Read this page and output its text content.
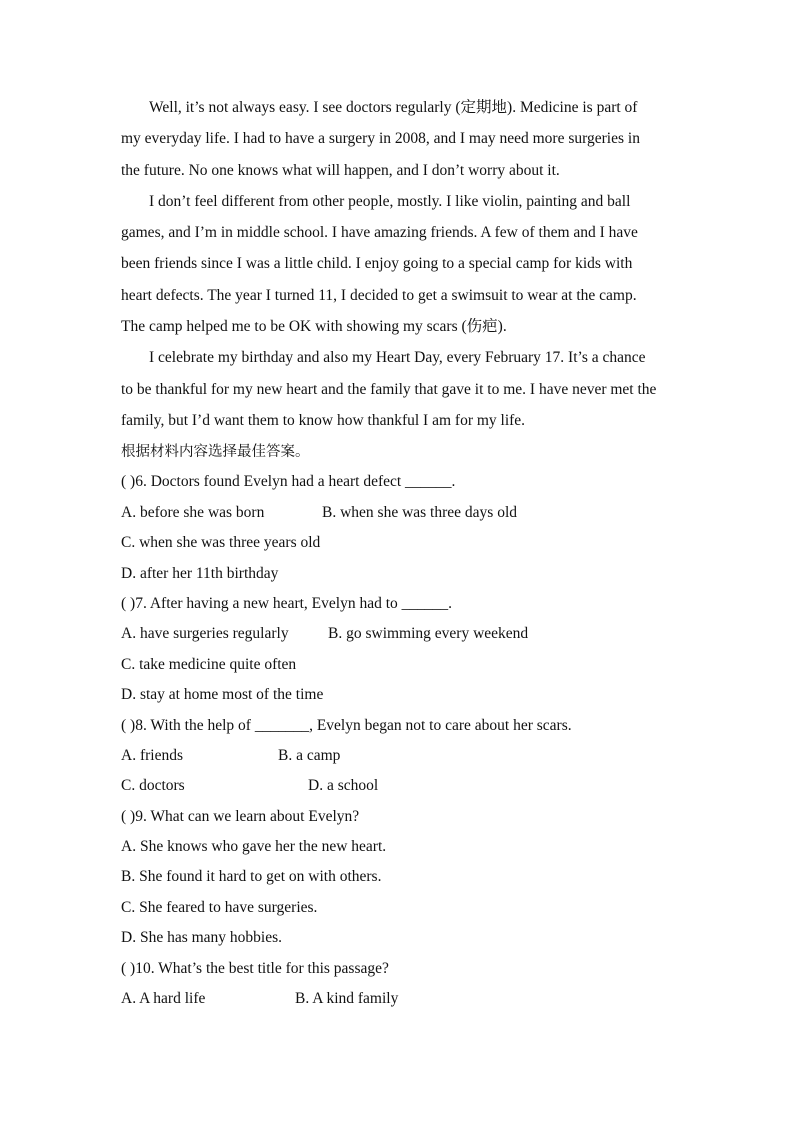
Well, it’s not always easy. I see doctors regularly (定期地). Medicine is part of
my everyday life. I had to have a surgery in 2008, and I may need more surgeries in
the future. No one knows what will happen, and I don’t worry about it.
I don’t feel different from other people, mostly. I like violin, painting and ball
games, and I’m in middle school. I have amazing friends. A few of them and I have
been friends since I was a little child. I enjoy going to a special camp for kids with
heart defects. The year I turned 11, I decided to get a swimsuit to wear at the camp.
The camp helped me to be OK with showing my scars (伤疤).
I celebrate my birthday and also my Heart Day, every February 17. It’s a chance
to be thankful for my new heart and the family that gave it to me. I have never met the
family, but I’d want them to know how thankful I am for my life.
根据材料内容选择最佳答案。
( )6. Doctors found Evelyn had a heart defect ______.
A. before she was born	B. when she was three days old
C. when she was three years old
D. after her 11th birthday
( )7. After having a new heart, Evelyn had to ______.
A. have surgeries regularly	B. go swimming every weekend
C. take medicine quite often
D. stay at home most of the time
( )8. With the help of _______, Evelyn began not to care about her scars.
A. friends	B. a camp
C. doctors	D. a school
( )9. What can we learn about Evelyn?
A. She knows who gave her the new heart.
B. She found it hard to get on with others.
C. She feared to have surgeries.
D. She has many hobbies.
( )10. What’s the best title for this passage?
A. A hard life	B. A kind family
